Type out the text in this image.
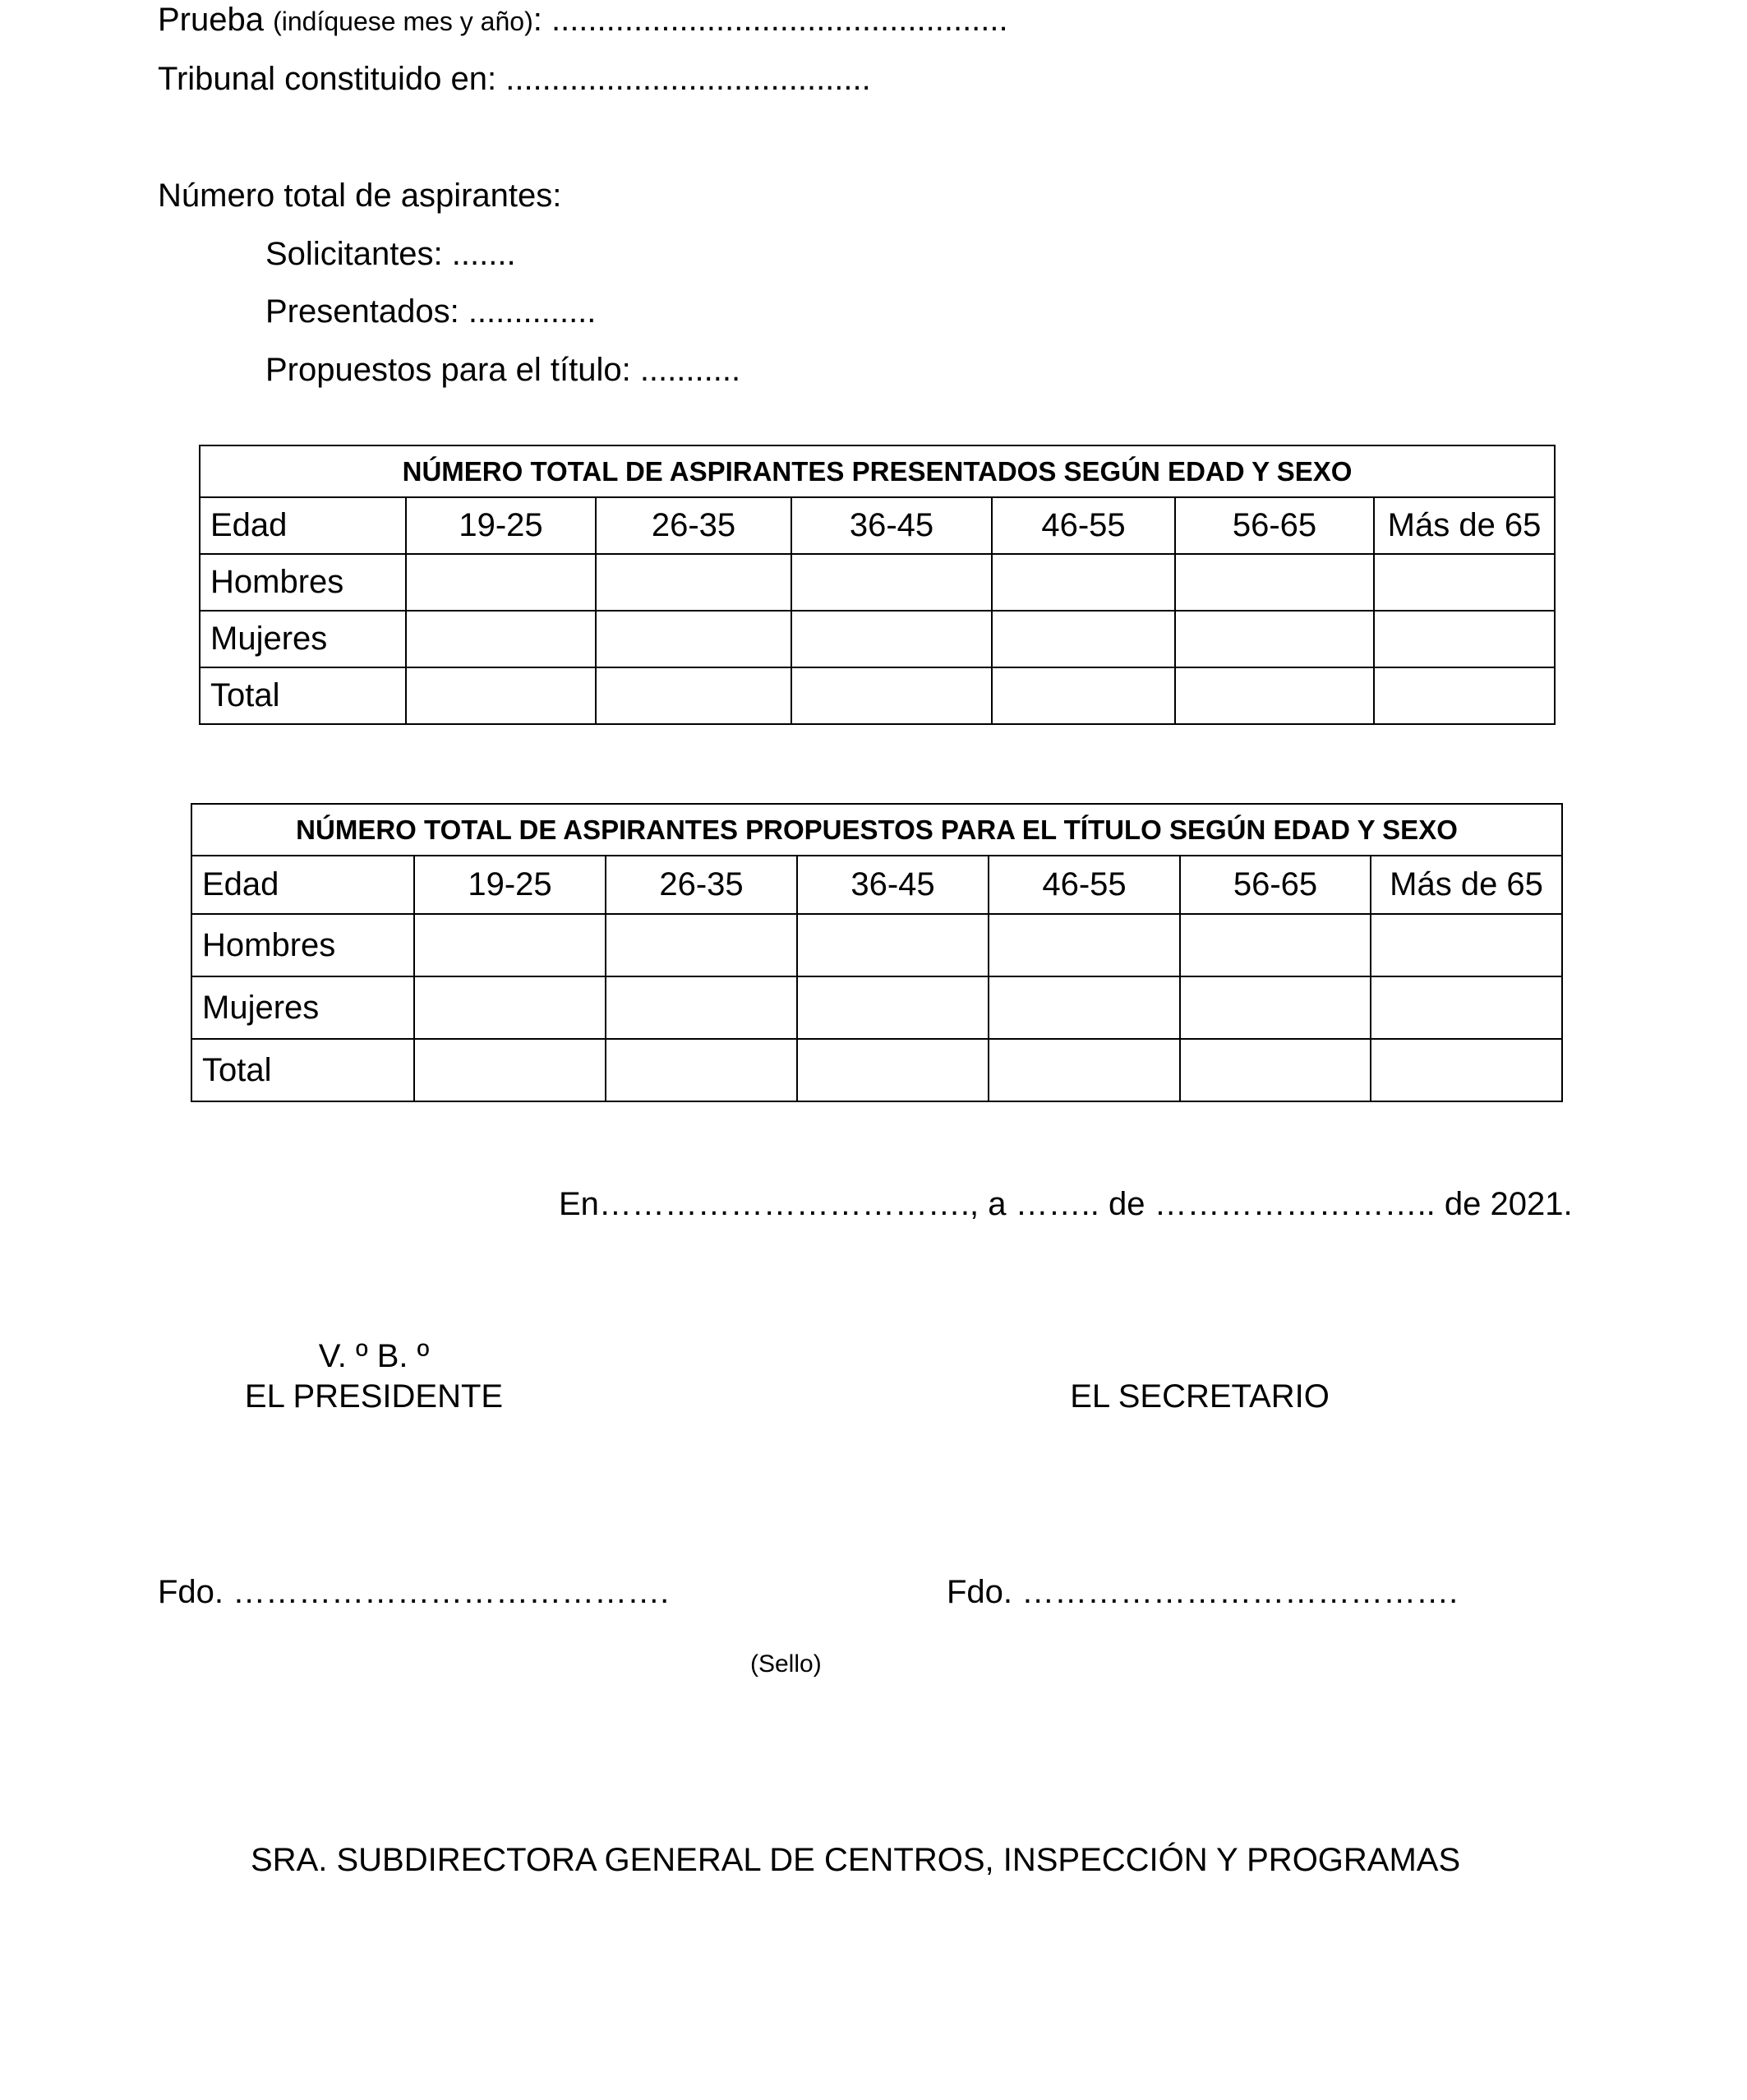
Prueba (indíquese mes y año): ..................................................
Tribunal constituido en: ........................................
Número total de aspirantes:
Solicitantes: .......
Presentados: ..............
Propuestos para el título: ...........
NÚMERO TOTAL DE ASPIRANTES PRESENTADOS SEGÚN EDAD Y SEXO						
Edad	19-25	26-35	36-45	46-55	56-65	Más de 65
Hombres						
Mujeres						
Total						
NÚMERO TOTAL DE ASPIRANTES PROPUESTOS PARA EL TÍTULO SEGÚN EDAD Y SEXO						
Edad	19-25	26-35	36-45	46-55	56-65	Más de 65
Hombres						
Mujeres						
Total						
En……………………………., a …….. de …………………….. de 2021.
V. º B. º
EL PRESIDENTE	EL SECRETARIO
Fdo. ………………………………….	Fdo. ………………………………….
(Sello)
SRA. SUBDIRECTORA GENERAL DE CENTROS, INSPECCIÓN Y PROGRAMAS
